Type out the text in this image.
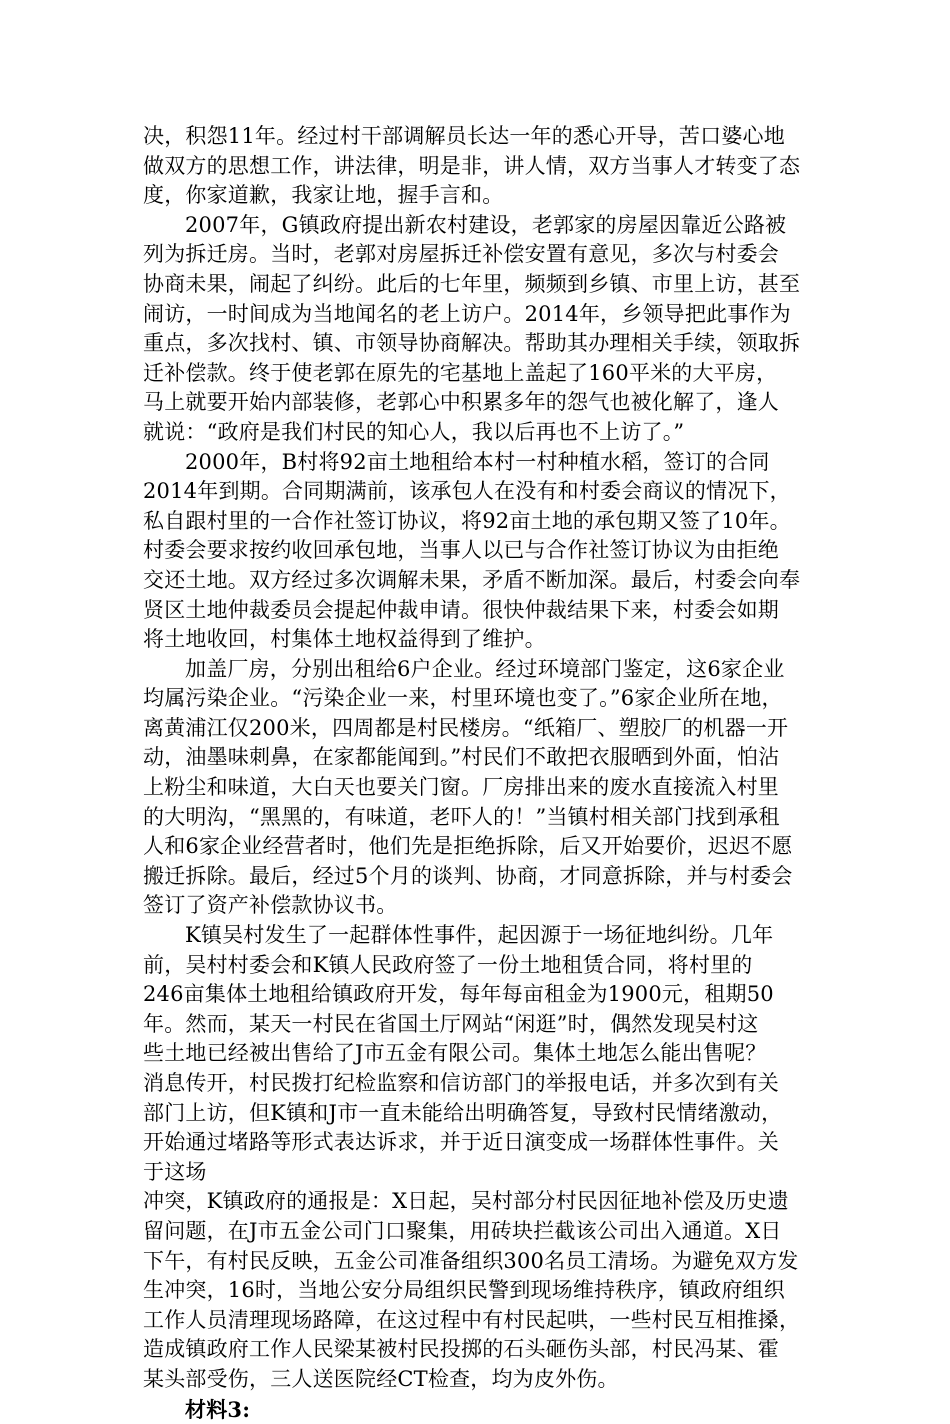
决，积怨11年。经过村干部调解员长达一年的悉心开导，苦口婆心地
做双方的思想工作，讲法律，明是非，讲人情，双方当事人才转变了态
度，你家道歉，我家让地，握手言和。
2007年，G镇政府提出新农村建设，老郭家的房屋因靠近公路被
列为拆迁房。当时，老郭对房屋拆迁补偿安置有意见，多次与村委会
协商未果，闹起了纠纷。此后的七年里，频频到乡镇、市里上访，甚至
闹访，一时间成为当地闻名的老上访户。2014年，乡领导把此事作为
重点，多次找村、镇、市领导协商解决。帮助其办理相关手续，领取拆
迁补偿款。终于使老郭在原先的宅基地上盖起了160平米的大平房，
马上就要开始内部装修，老郭心中积累多年的怨气也被化解了，逢人
就说：“政府是我们村民的知心人，我以后再也不上访了。”
2000年，B村将92亩土地租给本村一村种植水稻，签订的合同
2014年到期。合同期满前，该承包人在没有和村委会商议的情况下，
私自跟村里的一合作社签订协议，将92亩土地的承包期又签了10年。
村委会要求按约收回承包地，当事人以已与合作社签订协议为由拒绝
交还土地。双方经过多次调解未果，矛盾不断加深。最后，村委会向奉
贤区土地仲裁委员会提起仲裁申请。很快仲裁结果下来，村委会如期
将土地收回，村集体土地权益得到了维护。
加盖厂房，分别出租给6户企业。经过环境部门鉴定，这6家企业
均属污染企业。“污染企业一来，村里环境也变了。”6家企业所在地，
离黄浦江仅200米，四周都是村民楼房。“纸箱厂、塑胶厂的机器一开
动，油墨味刺鼻，在家都能闻到。”村民们不敢把衣服晒到外面，怕沾
上粉尘和味道，大白天也要关门窗。厂房排出来的废水直接流入村里
的大明沟，“黑黑的，有味道，老吓人的！”当镇村相关部门找到承租
人和6家企业经营者时，他们先是拒绝拆除，后又开始要价，迟迟不愿
搬迁拆除。最后，经过5个月的谈判、协商，才同意拆除，并与村委会
签订了资产补偿款协议书。
K镇吴村发生了一起群体性事件，起因源于一场征地纠纷。几年
前，吴村村委会和K镇人民政府签了一份土地租赁合同，将村里的
246亩集体土地租给镇政府开发，每年每亩租金为1900元，租期50
年。然而，某天一村民在省国土厅网站“闲逛”时，偶然发现吴村这
些土地已经被出售给了J市五金有限公司。集体土地怎么能出售呢？
消息传开，村民拨打纪检监察和信访部门的举报电话，并多次到有关
部门上访，但K镇和J市一直未能给出明确答复，导致村民情绪激动，
开始通过堵路等形式表达诉求，并于近日演变成一场群体性事件。关
于这场
冲突，K镇政府的通报是：X日起，吴村部分村民因征地补偿及历史遗
留问题，在J市五金公司门口聚集，用砖块拦截该公司出入通道。X日
下午，有村民反映，五金公司准备组织300名员工清场。为避免双方发
生冲突，16时，当地公安分局组织民警到现场维持秩序，镇政府组织
工作人员清理现场路障，在这过程中有村民起哄，一些村民互相推搡，
造成镇政府工作人民梁某被村民投掷的石头砸伤头部，村民冯某、霍
某头部受伤，三人送医院经CT检查，均为皮外伤。
材料3:
